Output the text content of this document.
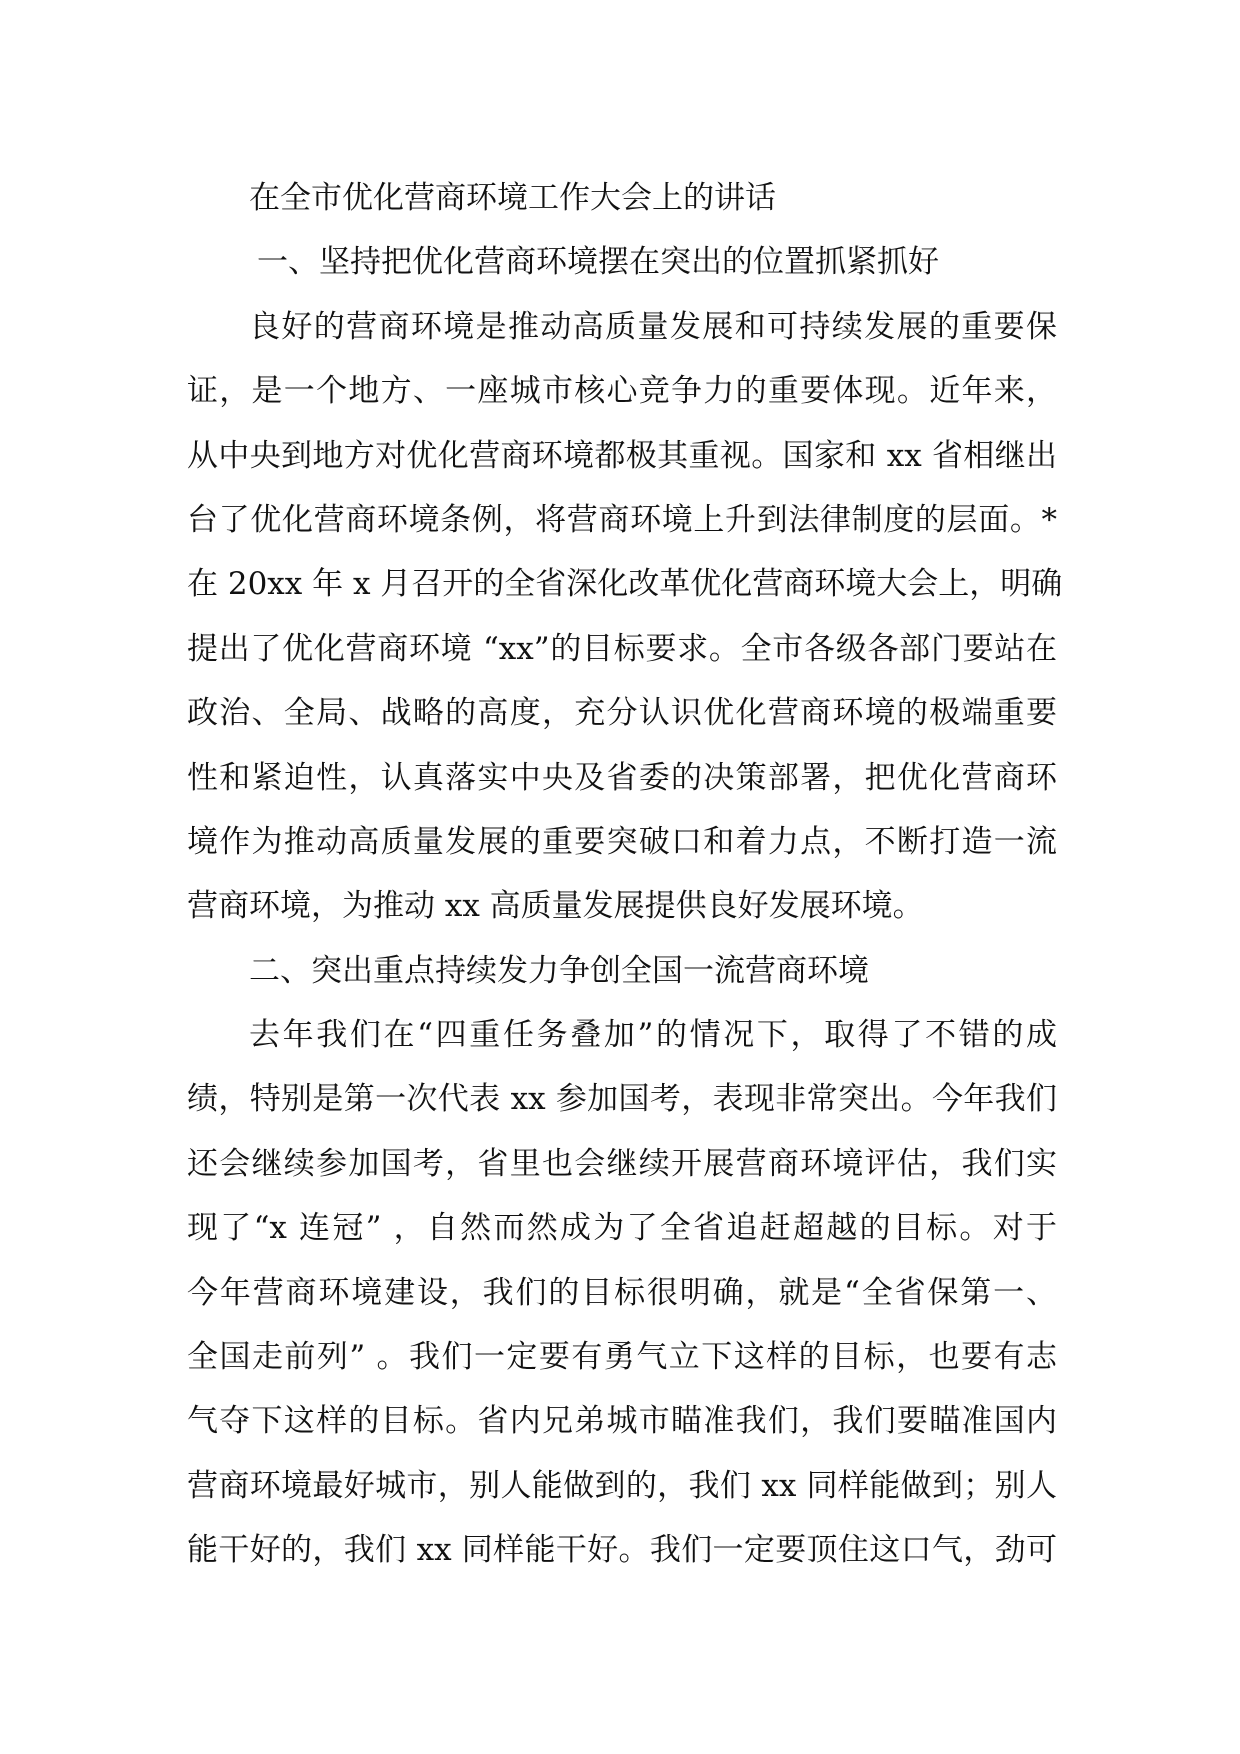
在全市优化营商环境工作大会上的讲话
一、坚持把优化营商环境摆在突出的位置抓紧抓好
良好的营商环境是推动高质量发展和可持续发展的重要保
证，是一个地方、一座城市核心竞争力的重要体现。近年来，
从中央到地方对优化营商环境都极其重视。国家和 xx 省相继出
台了优化营商环境条例，将营商环境上升到法律制度的层面。*
在 20xx 年 x 月召开的全省深化改革优化营商环境大会上，明确
提出了优化营商环境 “xx”的目标要求。全市各级各部门要站在
政治、全局、战略的高度，充分认识优化营商环境的极端重要
性和紧迫性，认真落实中央及省委的决策部署，把优化营商环
境作为推动高质量发展的重要突破口和着力点，不断打造一流
营商环境，为推动 xx 高质量发展提供良好发展环境。
二、突出重点持续发力争创全国一流营商环境
去年我们在“四重任务叠加”的情况下，取得了不错的成
绩，特别是第一次代表 xx 参加国考，表现非常突出。今年我们
还会继续参加国考，省里也会继续开展营商环境评估，我们实
现了“x 连冠” ，自然而然成为了全省追赶超越的目标。对于
今年营商环境建设，我们的目标很明确，就是“全省保第一、
全国走前列” 。我们一定要有勇气立下这样的目标，也要有志
气夺下这样的目标。省内兄弟城市瞄准我们，我们要瞄准国内
营商环境最好城市，别人能做到的，我们 xx 同样能做到；别人
能干好的，我们 xx 同样能干好。我们一定要顶住这口气，劲可
